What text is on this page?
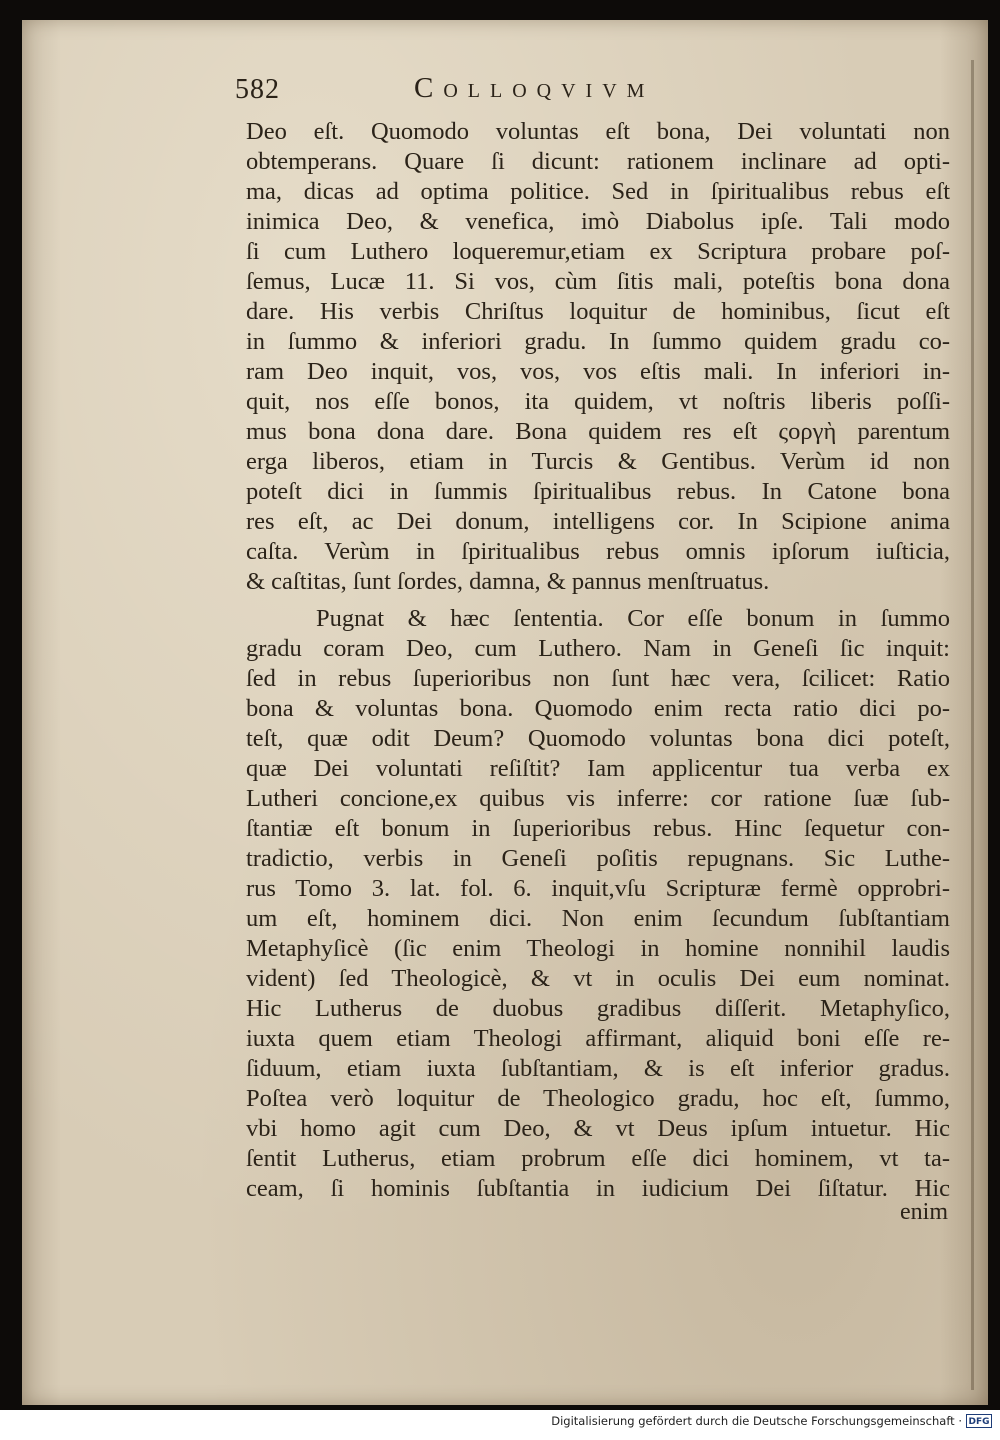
582	Colloqvivm
Deo eſt. Quomodo voluntas eſt bona, Dei voluntati non
obtemperans. Quare ſi dicunt: rationem inclinare ad opti-
ma, dicas ad optima politice. Sed in ſpiritualibus rebus eſt
inimica Deo, & venefica, imò Diabolus ipſe. Tali modo
ſi cum Luthero loqueremur,etiam ex Scriptura probare poſ-
ſemus, Lucæ 11. Si vos, cùm ſitis mali, poteſtis bona dona
dare. His verbis Chriſtus loquitur de hominibus, ſicut eſt
in ſummo & inferiori gradu. In ſummo quidem gradu co-
ram Deo inquit, vos, vos, vos eſtis mali. In inferiori in-
quit, nos eſſe bonos, ita quidem, vt noſtris liberis poſſi-
mus bona dona dare. Bona quidem res eſt ςοργὴ parentum
erga liberos, etiam in Turcis & Gentibus. Verùm id non
poteſt dici in ſummis ſpiritualibus rebus. In Catone bona
res eſt, ac Dei donum, intelligens cor. In Scipione anima
caſta. Verùm in ſpiritualibus rebus omnis ipſorum iuſticia,
& caſtitas, ſunt ſordes, damna, & pannus menſtruatus.
Pugnat & hæc ſententia. Cor eſſe bonum in ſummo
gradu coram Deo, cum Luthero. Nam in Geneſi ſic inquit:
ſed in rebus ſuperioribus non ſunt hæc vera, ſcilicet: Ratio
bona & voluntas bona. Quomodo enim recta ratio dici po-
teſt, quæ odit Deum? Quomodo voluntas bona dici poteſt,
quæ Dei voluntati reſiſtit? Iam applicentur tua verba ex
Lutheri concione,ex quibus vis inferre: cor ratione ſuæ ſub-
ſtantiæ eſt bonum in ſuperioribus rebus. Hinc ſequetur con-
tradictio, verbis in Geneſi poſitis repugnans. Sic Luthe-
rus Tomo 3. lat. fol. 6. inquit,vſu Scripturæ fermè opprobri-
um eſt, hominem dici. Non enim ſecundum ſubſtantiam
Metaphyſicè (ſic enim Theologi in homine nonnihil laudis
vident) ſed Theologicè, & vt in oculis Dei eum nominat.
Hic Lutherus de duobus gradibus diſſerit. Metaphyſico,
iuxta quem etiam Theologi affirmant, aliquid boni eſſe re-
ſiduum, etiam iuxta ſubſtantiam, & is eſt inferior gradus.
Poſtea verò loquitur de Theologico gradu, hoc eſt, ſummo,
vbi homo agit cum Deo, & vt Deus ipſum intuetur. Hic
ſentit Lutherus, etiam probrum eſſe dici hominem, vt ta-
ceam, ſi hominis ſubſtantia in iudicium Dei ſiſtatur. Hic
enim
Digitalisierung gefördert durch die Deutsche Forschungsgemeinschaft · DFG
